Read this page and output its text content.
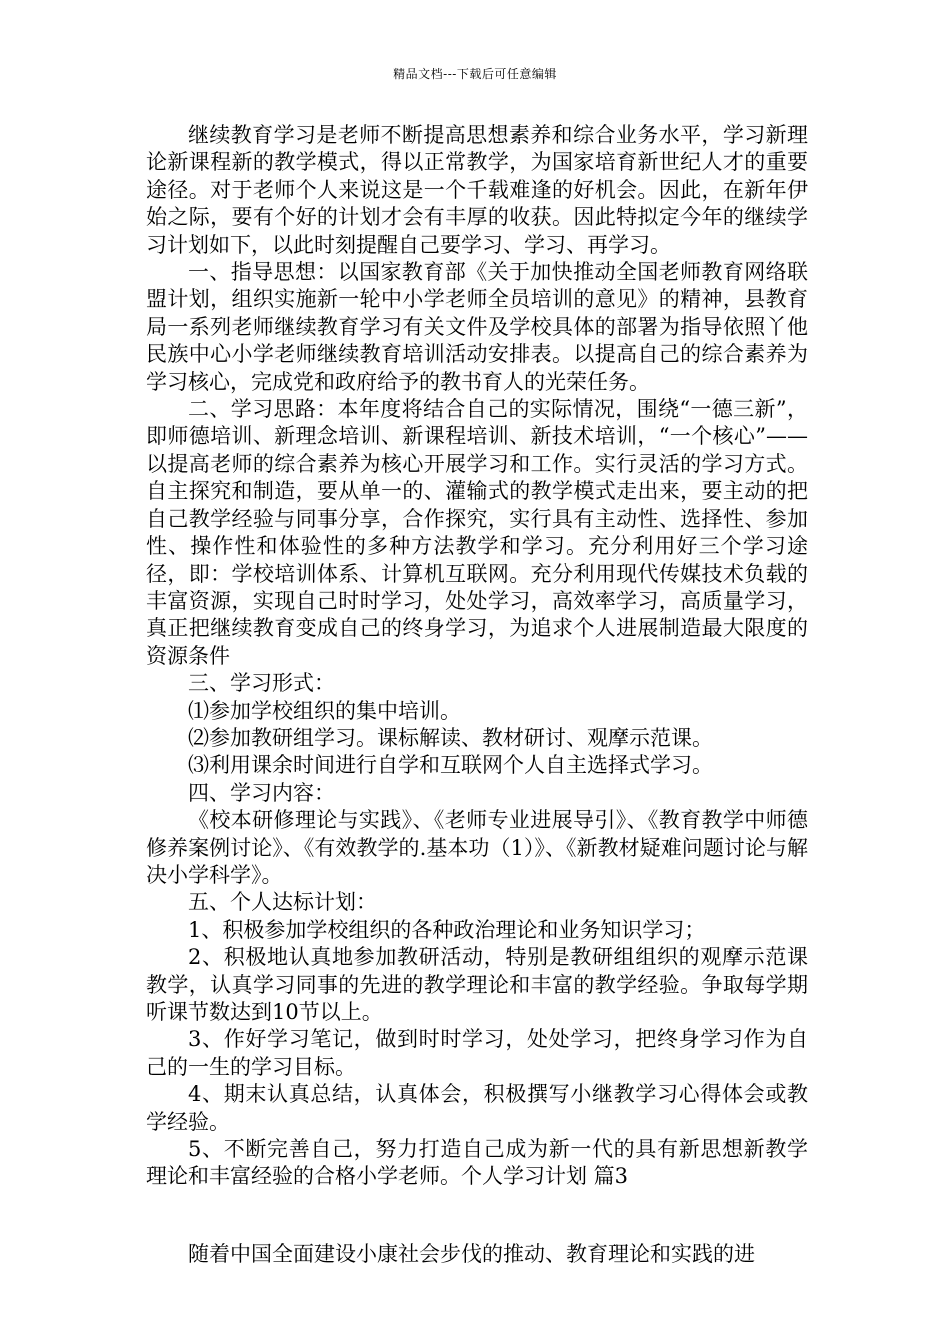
精品文档---下载后可任意编辑

继续教育学习是老师不断提高思想素养和综合业务水平，学习新理论新课程新的教学模式，得以正常教学，为国家培育新世纪人才的重要途径。对于老师个人来说这是一个千载难逢的好机会。因此，在新年伊始之际，要有个好的计划才会有丰厚的收获。因此特拟定今年的继续学习计划如下，以此时刻提醒自己要学习、学习、再学习。

一、指导思想：以国家教育部《关于加快推动全国老师教育网络联盟计划，组织实施新一轮中小学老师全员培训的意见》的精神，县教育局一系列老师继续教育学习有关文件及学校具体的部署为指导依照丫他民族中心小学老师继续教育培训活动安排表。以提高自己的综合素养为学习核心，完成党和政府给予的教书育人的光荣任务。

二、学习思路：本年度将结合自己的实际情况，围绕“一德三新”，即师德培训、新理念培训、新课程培训、新技术培训，“一个核心”——以提高老师的综合素养为核心开展学习和工作。实行灵活的学习方式。自主探究和制造，要从单一的、灌输式的教学模式走出来，要主动的把自己教学经验与同事分享，合作探究，实行具有主动性、选择性、参加性、操作性和体验性的多种方法教学和学习。充分利用好三个学习途径，即：学校培训体系、计算机互联网。充分利用现代传媒技术负载的丰富资源，实现自己时时学习，处处学习，高效率学习，高质量学习，真正把继续教育变成自己的终身学习，为追求个人进展制造最大限度的资源条件

三、学习形式：

⑴参加学校组织的集中培训。

⑵参加教研组学习。课标解读、教材研讨、观摩示范课。

⑶利用课余时间进行自学和互联网个人自主选择式学习。

四、学习内容：

《校本研修理论与实践》、《老师专业进展导引》、《教育教学中师德修养案例讨论》、《有效教学的.基本功（1）》、《新教材疑难问题讨论与解决小学科学》。

五、个人达标计划：

1、积极参加学校组织的各种政治理论和业务知识学习；

2、积极地认真地参加教研活动，特别是教研组组织的观摩示范课教学，认真学习同事的先进的教学理论和丰富的教学经验。争取每学期听课节数达到10节以上。

3、作好学习笔记，做到时时学习，处处学习，把终身学习作为自己的一生的学习目标。

4、期末认真总结，认真体会，积极撰写小继教学习心得体会或教学经验。

5、不断完善自己，努力打造自己成为新一代的具有新思想新教学理论和丰富经验的合格小学老师。个人学习计划 篇3

随着中国全面建设小康社会步伐的推动、教育理论和实践的进
